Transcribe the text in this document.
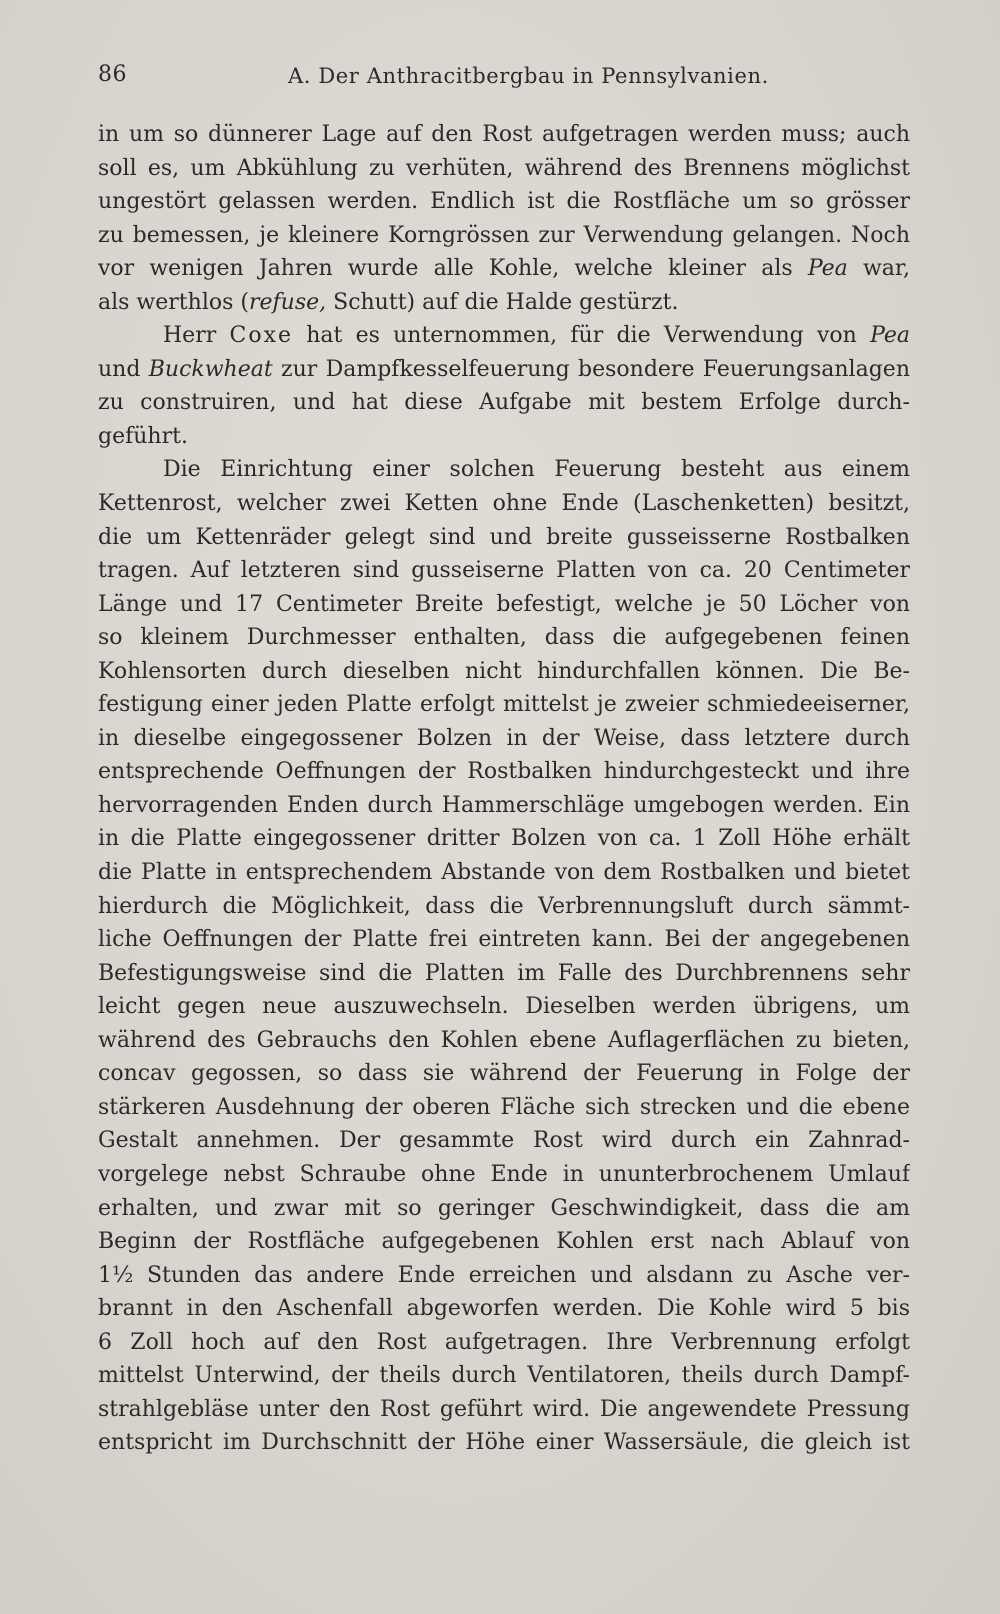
86	A. Der Anthracitbergbau in Pennsylvanien.
in um so dünnerer Lage auf den Rost aufgetragen werden muss; auch
soll es, um Abkühlung zu verhüten, während des Brennens möglichst
ungestört gelassen werden. Endlich ist die Rostfläche um so grösser
zu bemessen, je kleinere Korngrössen zur Verwendung gelangen. Noch
vor wenigen Jahren wurde alle Kohle, welche kleiner als Pea war,
als werthlos (refuse, Schutt) auf die Halde gestürzt.
Herr Coxe hat es unternommen, für die Verwendung von Pea
und Buckwheat zur Dampfkesselfeuerung besondere Feuerungsanlagen
zu construiren, und hat diese Aufgabe mit bestem Erfolge durch-
geführt.
Die Einrichtung einer solchen Feuerung besteht aus einem
Kettenrost, welcher zwei Ketten ohne Ende (Laschenketten) besitzt,
die um Kettenräder gelegt sind und breite gusseisserne Rostbalken
tragen. Auf letzteren sind gusseiserne Platten von ca. 20 Centimeter
Länge und 17 Centimeter Breite befestigt, welche je 50 Löcher von
so kleinem Durchmesser enthalten, dass die aufgegebenen feinen
Kohlensorten durch dieselben nicht hindurchfallen können. Die Be-
festigung einer jeden Platte erfolgt mittelst je zweier schmiedeeiserner,
in dieselbe eingegossener Bolzen in der Weise, dass letztere durch
entsprechende Oeffnungen der Rostbalken hindurchgesteckt und ihre
hervorragenden Enden durch Hammerschläge umgebogen werden. Ein
in die Platte eingegossener dritter Bolzen von ca. 1 Zoll Höhe erhält
die Platte in entsprechendem Abstande von dem Rostbalken und bietet
hierdurch die Möglichkeit, dass die Verbrennungsluft durch sämmt-
liche Oeffnungen der Platte frei eintreten kann. Bei der angegebenen
Befestigungsweise sind die Platten im Falle des Durchbrennens sehr
leicht gegen neue auszuwechseln. Dieselben werden übrigens, um
während des Gebrauchs den Kohlen ebene Auflagerflächen zu bieten,
concav gegossen, so dass sie während der Feuerung in Folge der
stärkeren Ausdehnung der oberen Fläche sich strecken und die ebene
Gestalt annehmen. Der gesammte Rost wird durch ein Zahnrad-
vorgelege nebst Schraube ohne Ende in ununterbrochenem Umlauf
erhalten, und zwar mit so geringer Geschwindigkeit, dass die am
Beginn der Rostfläche aufgegebenen Kohlen erst nach Ablauf von
1½ Stunden das andere Ende erreichen und alsdann zu Asche ver-
brannt in den Aschenfall abgeworfen werden. Die Kohle wird 5 bis
6 Zoll hoch auf den Rost aufgetragen. Ihre Verbrennung erfolgt
mittelst Unterwind, der theils durch Ventilatoren, theils durch Dampf-
strahlgebläse unter den Rost geführt wird. Die angewendete Pressung
entspricht im Durchschnitt der Höhe einer Wassersäule, die gleich ist
